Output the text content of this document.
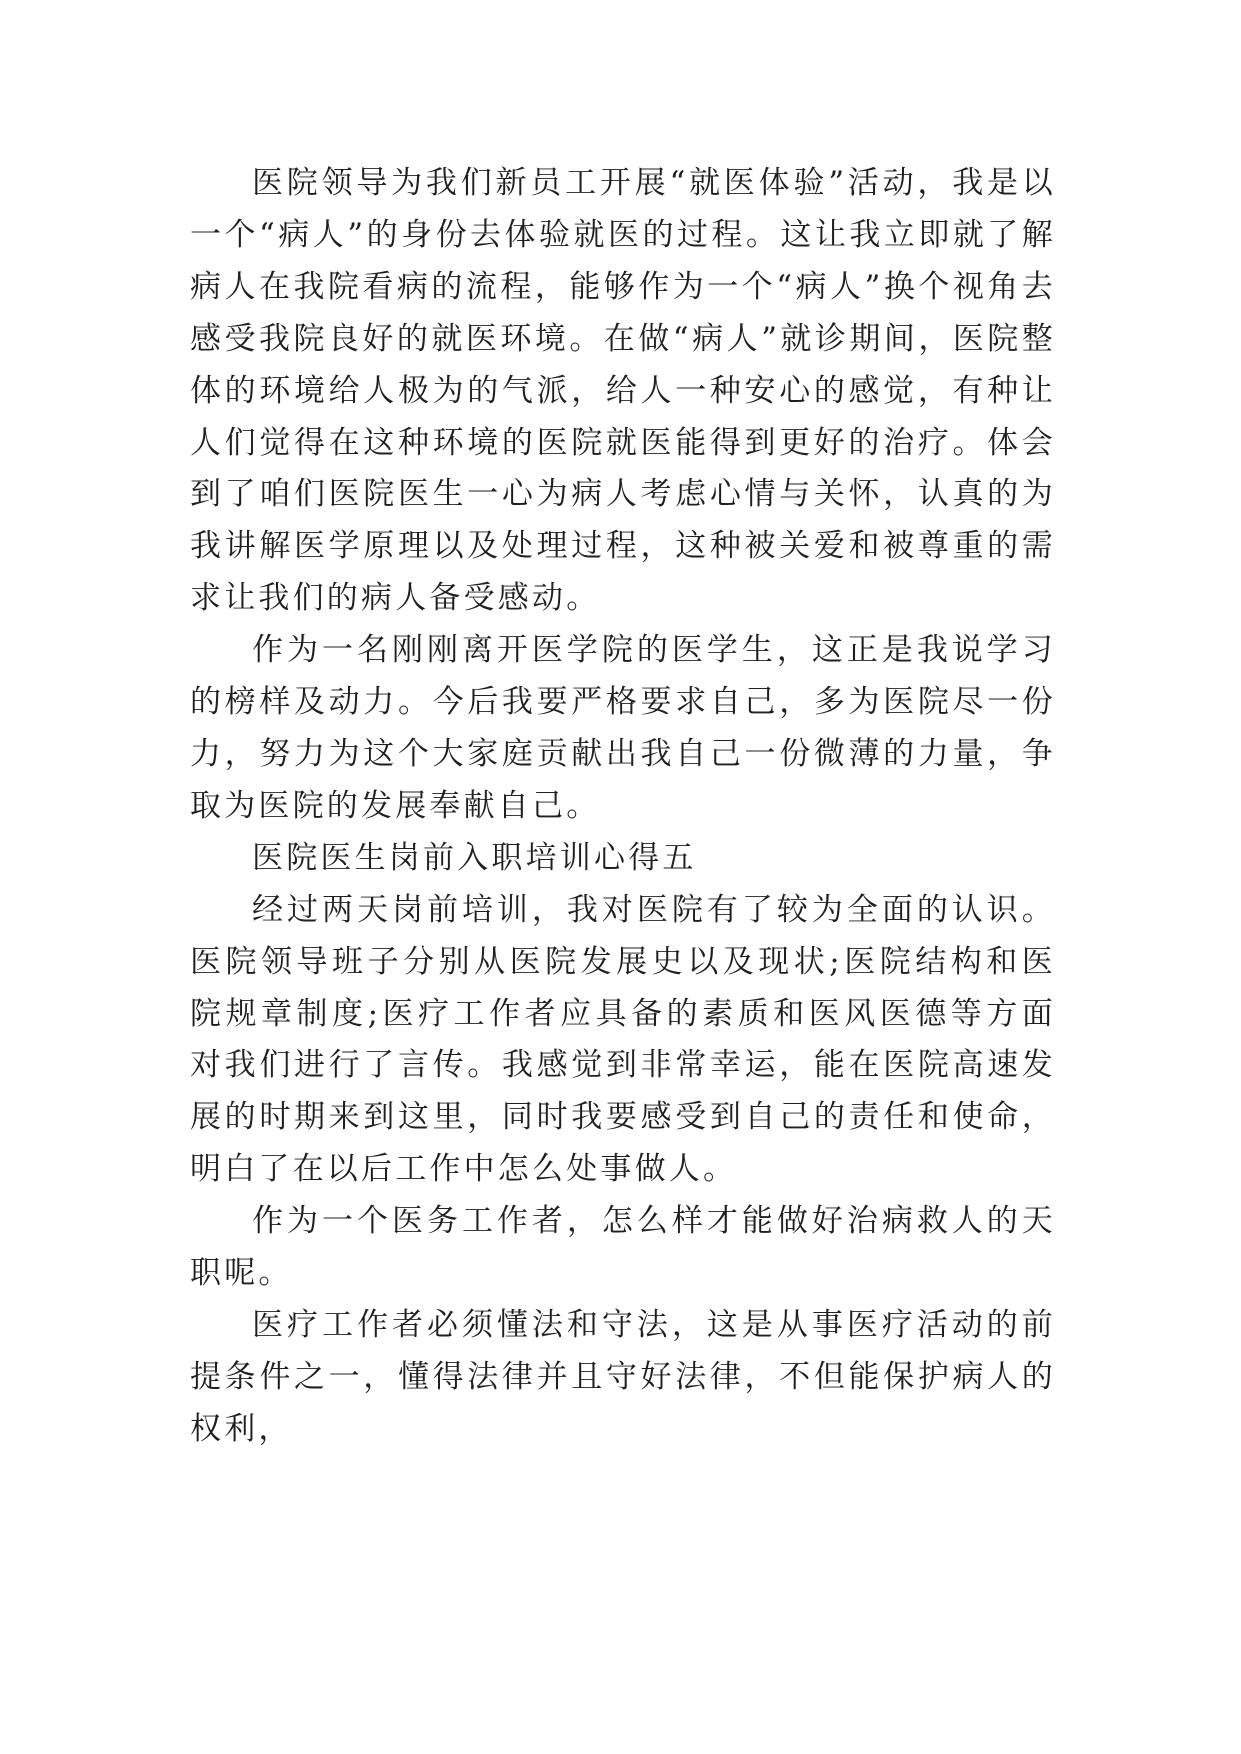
医院领导为我们新员工开展“就医体验”活动，我是以一个“病人”的身份去体验就医的过程。这让我立即就了解病人在我院看病的流程，能够作为一个“病人”换个视角去感受我院良好的就医环境。在做“病人”就诊期间，医院整体的环境给人极为的气派，给人一种安心的感觉，有种让人们觉得在这种环境的医院就医能得到更好的治疗。体会到了咱们医院医生一心为病人考虑心情与关怀，认真的为我讲解医学原理以及处理过程，这种被关爱和被尊重的需求让我们的病人备受感动。

作为一名刚刚离开医学院的医学生，这正是我说学习的榜样及动力。今后我要严格要求自己，多为医院尽一份力，努力为这个大家庭贡献出我自己一份微薄的力量，争取为医院的发展奉献自己。

医院医生岗前入职培训心得五

经过两天岗前培训，我对医院有了较为全面的认识。医院领导班子分别从医院发展史以及现状;医院结构和医院规章制度;医疗工作者应具备的素质和医风医德等方面对我们进行了言传。我感觉到非常幸运，能在医院高速发展的时期来到这里，同时我要感受到自己的责任和使命，明白了在以后工作中怎么处事做人。

作为一个医务工作者，怎么样才能做好治病救人的天职呢。

医疗工作者必须懂法和守法，这是从事医疗活动的前提条件之一，懂得法律并且守好法律，不但能保护病人的权利，
